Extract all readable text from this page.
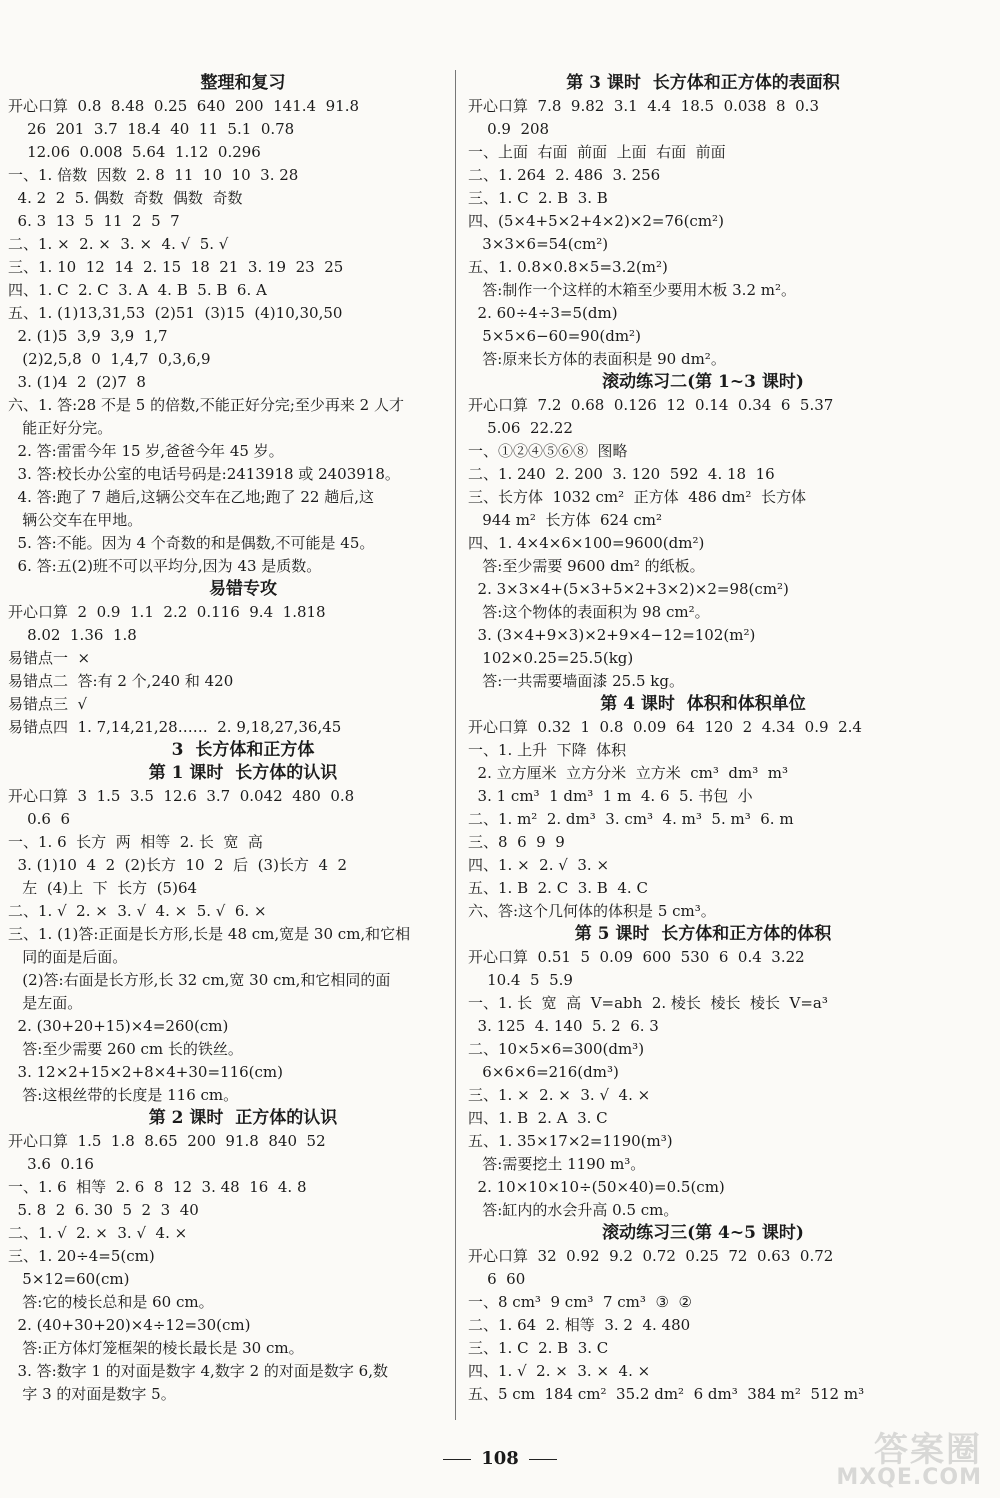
整理和复习
开心口算  0.8  8.48  0.25  640  200  141.4  91.8
26  201  3.7  18.4  40  11  5.1  0.78
12.06  0.008  5.64  1.12  0.296
一、1. 倍数  因数  2. 8  11  10  10  3. 28
4. 2  2  5. 偶数  奇数  偶数  奇数
6. 3  13  5  11  2  5  7
二、1. ×  2. ×  3. ×  4. √  5. √
三、1. 10  12  14  2. 15  18  21  3. 19  23  25
四、1. C  2. C  3. A  4. B  5. B  6. A
五、1. (1)13,31,53  (2)51  (3)15  (4)10,30,50
2. (1)5  3,9  3,9  1,7
(2)2,5,8  0  1,4,7  0,3,6,9
3. (1)4  2  (2)7  8
六、1. 答:28 不是 5 的倍数,不能正好分完;至少再来 2 人才
能正好分完。
2. 答:雷雷今年 15 岁,爸爸今年 45 岁。
3. 答:校长办公室的电话号码是:2413918 或 2403918。
4. 答:跑了 7 趟后,这辆公交车在乙地;跑了 22 趟后,这
辆公交车在甲地。
5. 答:不能。因为 4 个奇数的和是偶数,不可能是 45。
6. 答:五(2)班不可以平均分,因为 43 是质数。
易错专攻
开心口算  2  0.9  1.1  2.2  0.116  9.4  1.818
8.02  1.36  1.8
易错点一  ×
易错点二  答:有 2 个,240 和 420
易错点三  √
易错点四  1. 7,14,21,28……  2. 9,18,27,36,45
3  长方体和正方体
第 1 课时  长方体的认识
开心口算  3  1.5  3.5  12.6  3.7  0.042  480  0.8
0.6  6
一、1. 6  长方  两  相等  2. 长  宽  高
3. (1)10  4  2  (2)长方  10  2  后  (3)长方  4  2
左  (4)上  下  长方  (5)64
二、1. √  2. ×  3. √  4. ×  5. √  6. ×
三、1. (1)答:正面是长方形,长是 48 cm,宽是 30 cm,和它相
同的面是后面。
(2)答:右面是长方形,长 32 cm,宽 30 cm,和它相同的面
是左面。
2. (30+20+15)×4=260(cm)
答:至少需要 260 cm 长的铁丝。
3. 12×2+15×2+8×4+30=116(cm)
答:这根丝带的长度是 116 cm。
第 2 课时  正方体的认识
开心口算  1.5  1.8  8.65  200  91.8  840  52
3.6  0.16
一、1. 6  相等  2. 6  8  12  3. 48  16  4. 8
5. 8  2  6. 30  5  2  3  40
二、1. √  2. ×  3. √  4. ×
三、1. 20÷4=5(cm)
5×12=60(cm)
答:它的棱长总和是 60 cm。
2. (40+30+20)×4÷12=30(cm)
答:正方体灯笼框架的棱长最长是 30 cm。
3. 答:数字 1 的对面是数字 4,数字 2 的对面是数字 6,数
字 3 的对面是数字 5。
第 3 课时  长方体和正方体的表面积
开心口算  7.8  9.82  3.1  4.4  18.5  0.038  8  0.3
0.9  208
一、上面  右面  前面  上面  右面  前面
二、1. 264  2. 486  3. 256
三、1. C  2. B  3. B
四、(5×4+5×2+4×2)×2=76(cm²)
3×3×6=54(cm²)
五、1. 0.8×0.8×5=3.2(m²)
答:制作一个这样的木箱至少要用木板 3.2 m²。
2. 60÷4÷3=5(dm)
5×5×6−60=90(dm²)
答:原来长方体的表面积是 90 dm²。
滚动练习二(第 1~3 课时)
开心口算  7.2  0.68  0.126  12  0.14  0.34  6  5.37
5.06  22.22
一、①②④⑤⑥⑧  图略
二、1. 240  2. 200  3. 120  592  4. 18  16
三、长方体  1032 cm²  正方体  486 dm²  长方体
944 m²  长方体  624 cm²
四、1. 4×4×6×100=9600(dm²)
答:至少需要 9600 dm² 的纸板。
2. 3×3×4+(5×3+5×2+3×2)×2=98(cm²)
答:这个物体的表面积为 98 cm²。
3. (3×4+9×3)×2+9×4−12=102(m²)
102×0.25=25.5(kg)
答:一共需要墙面漆 25.5 kg。
第 4 课时  体积和体积单位
开心口算  0.32  1  0.8  0.09  64  120  2  4.34  0.9  2.4
一、1. 上升  下降  体积
2. 立方厘米  立方分米  立方米  cm³  dm³  m³
3. 1 cm³  1 dm³  1 m  4. 6  5. 书包  小
二、1. m²  2. dm³  3. cm³  4. m³  5. m³  6. m
三、8  6  9  9
四、1. ×  2. √  3. ×
五、1. B  2. C  3. B  4. C
六、答:这个几何体的体积是 5 cm³。
第 5 课时  长方体和正方体的体积
开心口算  0.51  5  0.09  600  530  6  0.4  3.22
10.4  5  5.9
一、1. 长  宽  高  V=abh  2. 棱长  棱长  棱长  V=a³
3. 125  4. 140  5. 2  6. 3
二、10×5×6=300(dm³)
6×6×6=216(dm³)
三、1. ×  2. ×  3. √  4. ×
四、1. B  2. A  3. C
五、1. 35×17×2=1190(m³)
答:需要挖土 1190 m³。
2. 10×10×10÷(50×40)=0.5(cm)
答:缸内的水会升高 0.5 cm。
滚动练习三(第 4~5 课时)
开心口算  32  0.92  9.2  0.72  0.25  72  0.63  0.72
6  60
一、8 cm³  9 cm³  7 cm³  ③  ②
二、1. 64  2. 相等  3. 2  4. 480
三、1. C  2. B  3. C
四、1. √  2. ×  3. ×  4. ×
五、5 cm  184 cm²  35.2 dm²  6 dm³  384 m²  512 m³
108	答案圈
MXQE.COM
